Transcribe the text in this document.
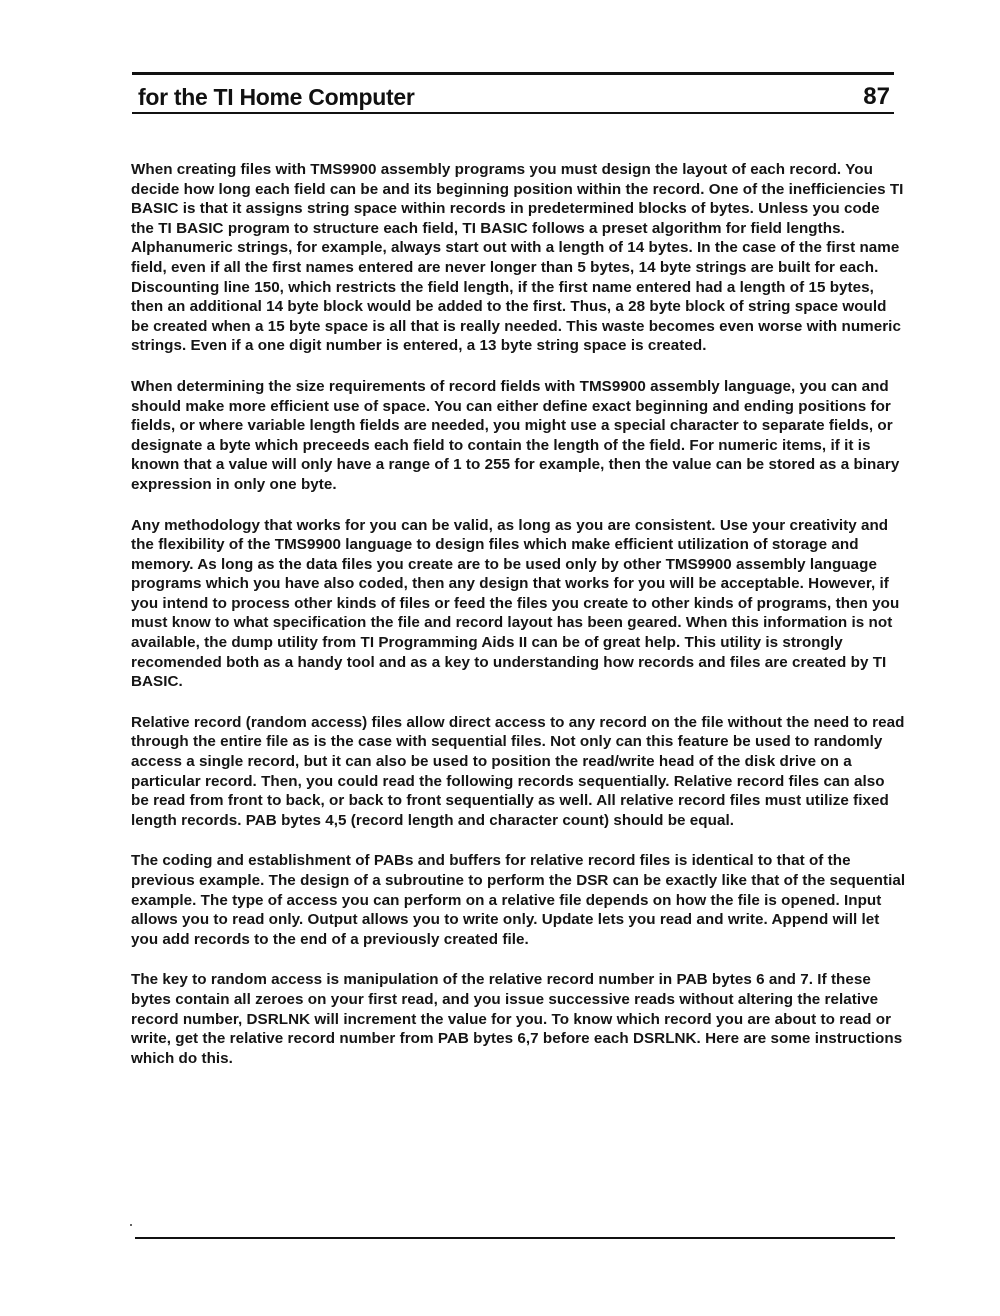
for the TI Home Computer	87

When creating files with TMS9900 assembly programs you must design the layout of each record. You decide how long each field can be and its beginning position within the record. One of the inefficiencies TI BASIC is that it assigns string space within records in predetermined blocks of bytes. Unless you code the TI BASIC program to structure each field, TI BASIC follows a preset algorithm for field lengths. Alphanumeric strings, for example, always start out with a length of 14 bytes. In the case of the first name field, even if all the first names entered are never longer than 5 bytes, 14 byte strings are built for each. Discounting line 150, which restricts the field length, if the first name entered had a length of 15 bytes, then an additional 14 byte block would be added to the first. Thus, a 28 byte block of string space would be created when a 15 byte space is all that is really needed. This waste becomes even worse with numeric strings. Even if a one digit number is entered, a 13 byte string space is created.

When determining the size requirements of record fields with TMS9900 assembly language, you can and should make more efficient use of space. You can either define exact beginning and ending positions for fields, or where variable length fields are needed, you might use a special character to separate fields, or designate a byte which preceeds each field to contain the length of the field. For numeric items, if it is known that a value will only have a range of 1 to 255 for example, then the value can be stored as a binary expression in only one byte.

Any methodology that works for you can be valid, as long as you are consistent. Use your creativity and the flexibility of the TMS9900 language to design files which make efficient utilization of storage and memory. As long as the data files you create are to be used only by other TMS9900 assembly language programs which you have also coded, then any design that works for you will be acceptable. However, if you intend to process other kinds of files or feed the files you create to other kinds of programs, then you must know to what specification the file and record layout has been geared. When this information is not available, the dump utility from TI Programming Aids II can be of great help. This utility is strongly recomended both as a handy tool and as a key to understanding how records and files are created by TI BASIC.

Relative record (random access) files allow direct access to any record on the file without the need to read through the entire file as is the case with sequential files. Not only can this feature be used to randomly access a single record, but it can also be used to position the read/write head of the disk drive on a particular record. Then, you could read the following records sequentially. Relative record files can also be read from front to back, or back to front sequentially as well. All relative record files must utilize fixed length records. PAB bytes 4,5 (record length and character count) should be equal.

The coding and establishment of PABs and buffers for relative record files is identical to that of the previous example. The design of a subroutine to perform the DSR can be exactly like that of the sequential example. The type of access you can perform on a relative file depends on how the file is opened. Input allows you to read only. Output allows you to write only. Update lets you read and write. Append will let you add records to the end of a previously created file.

The key to random access is manipulation of the relative record number in PAB bytes 6 and 7. If these bytes contain all zeroes on your first read, and you issue successive reads without altering the relative record number, DSRLNK will increment the value for you. To know which record you are about to read or write, get the relative record number from PAB bytes 6,7 before each DSRLNK. Here are some instructions which do this.
